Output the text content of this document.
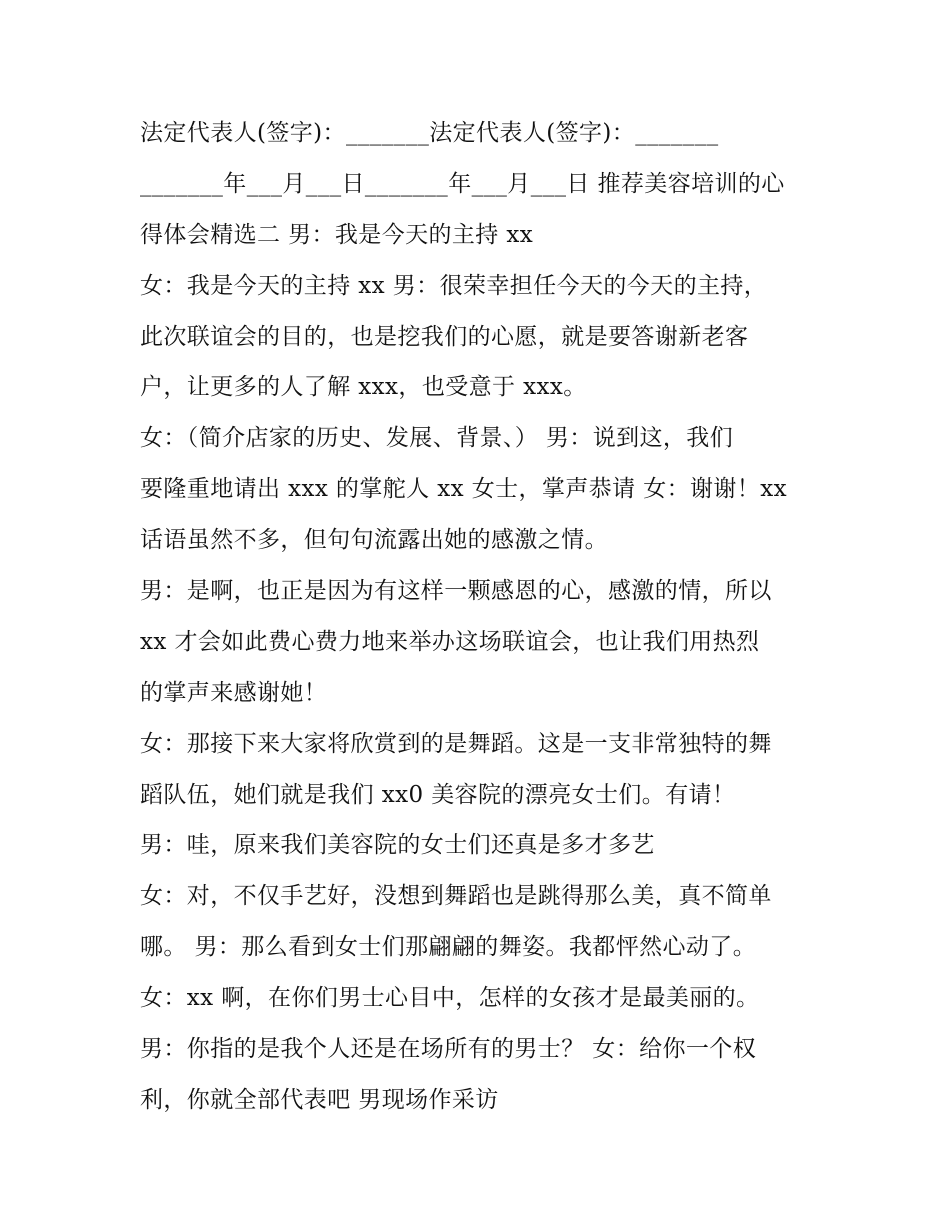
法定代表人(签字)：_______法定代表人(签字)：_______
_______年___月___日_______年___月___日 推荐美容培训的心
得体会精选二 男：我是今天的主持 xx
女：我是今天的主持 xx 男：很荣幸担任今天的今天的主持，
此次联谊会的目的，也是挖我们的心愿，就是要答谢新老客
户，让更多的人了解 xxx，也受意于 xxx。
女：（简介店家的历史、发展、背景、） 男：说到这，我们
要隆重地请出 xxx 的掌舵人 xx 女士，掌声恭请 女：谢谢！xx
话语虽然不多，但句句流露出她的感激之情。
男：是啊，也正是因为有这样一颗感恩的心，感激的情，所以
xx 才会如此费心费力地来举办这场联谊会，也让我们用热烈
的掌声来感谢她！
女：那接下来大家将欣赏到的是舞蹈。这是一支非常独特的舞
蹈队伍，她们就是我们 xx0 美容院的漂亮女士们。有请！
男：哇，原来我们美容院的女士们还真是多才多艺
女：对，不仅手艺好，没想到舞蹈也是跳得那么美，真不简单
哪。 男：那么看到女士们那翩翩的舞姿。我都怦然心动了。
女：xx 啊，在你们男士心目中，怎样的女孩才是最美丽的。
男：你指的是我个人还是在场所有的男士？ 女：给你一个权
利，你就全部代表吧 男现场作采访
